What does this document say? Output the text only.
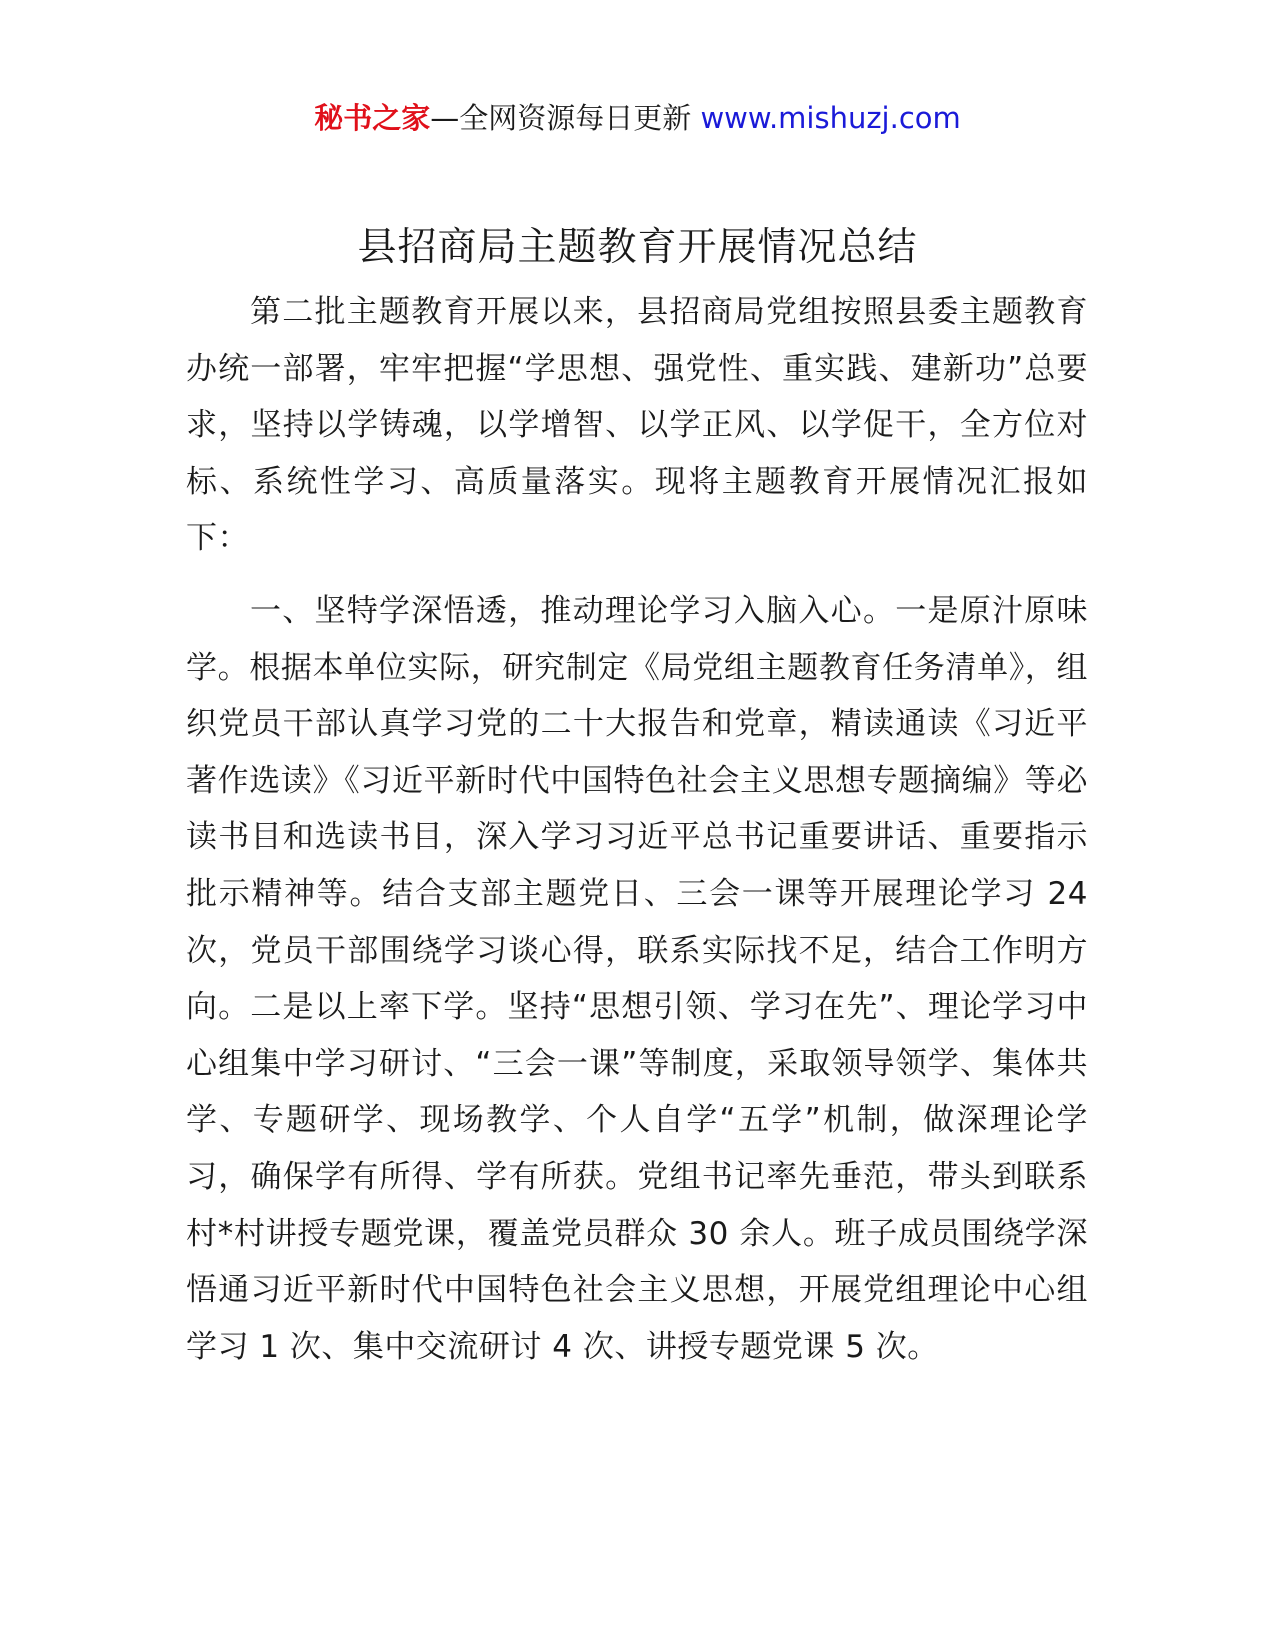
秘书之家—全网资源每日更新 www.mishuzj.com
县招商局主题教育开展情况总结

第二批主题教育开展以来，县招商局党组按照县委主题教育办统一部署，牢牢把握“学思想、强党性、重实践、建新功”总要求，坚持以学铸魂，以学增智、以学正风、以学促干，全方位对标、系统性学习、高质量落实。现将主题教育开展情况汇报如下：

一、坚特学深悟透，推动理论学习入脑入心。一是原汁原味学。根据本单位实际，研究制定《局党组主题教育任务清单》，组织党员干部认真学习党的二十大报告和党章，精读通读《习近平著作选读》《习近平新时代中国特色社会主义思想专题摘编》等必读书目和选读书目，深入学习习近平总书记重要讲话、重要指示批示精神等。结合支部主题党日、三会一课等开展理论学习 24 次，党员干部围绕学习谈心得，联系实际找不足，结合工作明方向。二是以上率下学。坚持“思想引领、学习在先”、理论学习中心组集中学习研讨、“三会一课”等制度，采取领导领学、集体共学、专题研学、现场教学、个人自学“五学”机制，做深理论学习，确保学有所得、学有所获。党组书记率先垂范，带头到联系村*村讲授专题党课，覆盖党员群众 30 余人。班子成员围绕学深悟通习近平新时代中国特色社会主义思想，开展党组理论中心组学习 1 次、集中交流研讨 4 次、讲授专题党课 5 次。
